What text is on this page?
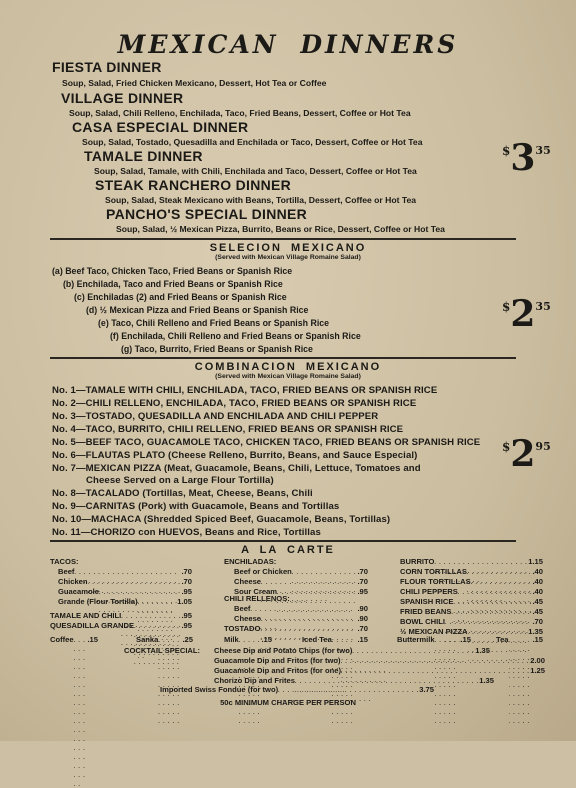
MEXICAN DINNERS
FIESTA DINNER
Soup, Salad, Fried Chicken Mexicano, Dessert, Hot Tea or Coffee
VILLAGE DINNER
Soup, Salad, Chili Relleno, Enchilada, Taco, Fried Beans, Dessert, Coffee or Hot Tea
CASA ESPECIAL DINNER
Soup, Salad, Tostado, Quesadilla and Enchilada or Taco, Dessert, Coffee or Hot Tea
TAMALE DINNER
Soup, Salad, Tamale, with Chili, Enchilada and Taco, Dessert, Coffee or Hot Tea
STEAK RANCHERO DINNER
Soup, Salad, Steak Mexicano with Beans, Tortilla, Dessert, Coffee or Hot Tea
PANCHO'S SPECIAL DINNER
Soup, Salad, ½ Mexican Pizza, Burrito, Beans or Rice, Dessert, Coffee or Hot Tea
$^{\$}3^{35}$
SELECION MEXICANO
(Served with Mexican Village Romaine Salad)
(a) Beef Taco, Chicken Taco, Fried Beans or Spanish Rice
(b) Enchilada, Taco and Fried Beans or Spanish Rice
(c) Enchiladas (2) and Fried Beans or Spanish Rice
(d) ½ Mexican Pizza and Fried Beans or Spanish Rice
(e) Taco, Chili Relleno and Fried Beans or Spanish Rice
(f) Enchilada, Chili Relleno and Fried Beans or Spanish Rice
(g) Taco, Burrito, Fried Beans or Spanish Rice
$^{\$}2^{35}$
COMBINACION MEXICANO
(Served with Mexican Village Romaine Salad)
No. 1—TAMALE WITH CHILI, ENCHILADA, TACO, FRIED BEANS OR SPANISH RICE
No. 2—CHILI RELLENO, ENCHILADA, TACO, FRIED BEANS OR SPANISH RICE
No. 3—TOSTADO, QUESADILLA AND ENCHILADA AND CHILI PEPPER
No. 4—TACO, BURRITO, CHILI RELLENO, FRIED BEANS OR SPANISH RICE
No. 5—BEEF TACO, GUACAMOLE TACO, CHICKEN TACO, FRIED BEANS OR SPANISH RICE
No. 6—FLAUTAS PLATO (Cheese Relleno, Burrito, Beans, and Sauce Especial)
No. 7—MEXICAN PIZZA (Meat, Guacamole, Beans, Chili, Lettuce, Tomatoes and
Cheese Served on a Large Flour Tortilla)
No. 8—TACALADO (Tortillas, Meat, Cheese, Beans, Chili
No. 9—CARNITAS (Pork) with Guacamole, Beans and Tortillas
No. 10—MACHACA (Shredded Spiced Beef, Guacamole, Beans, Tortillas)
No. 11—CHORIZO con HUEVOS, Beans and Rice, Tortillas
$^{\$}2^{95}$
A LA CARTE
TACOS:
Beef . . .	.70
Chicken . . .	.70
Guacamole . . .	.95
Grande (Flour Tortilla) . . .	1.05
TAMALE AND CHILI . . .	.95
QUESADILLA GRANDE . . .	.95
ENCHILADAS:
Beef or Chicken . . .	.70
Cheese . . .	.70
Sour Cream . . .	.95
CHILI RELLENOS:
Beef . . .	.90
Cheese . . .	.90
TOSTADO . . .	.70
BURRITO . . .	1.15
CORN TORTILLAS . . .	.40
FLOUR TORTILLAS . . .	.40
CHILI PEPPERS . . .	.40
SPANISH RICE . . .	.45
FRIED BEANS . . .	.45
BOWL CHILI . . .	.70
½ MEXICAN PIZZA . . .	1.35
Coffee . . . .15	Sanka . . .	.25	Milk . . .	.15	Iced Tea . . .	.15	Buttermilk . . .	.15	Tea . . .	.15
COCKTAIL SPECIAL: Cheese Dip and Potato Chips (for two) . . .	1.35
Guacamole Dip and Fritos (for two) . . .	2.00
Guacamole Dip and Fritos (for one) . . .	1.25
Chorizo Dip and Frites . . .	1.35
Imported Swiss Fondue (for two) . . .	3.75
50c MINIMUM CHARGE PER PERSON
